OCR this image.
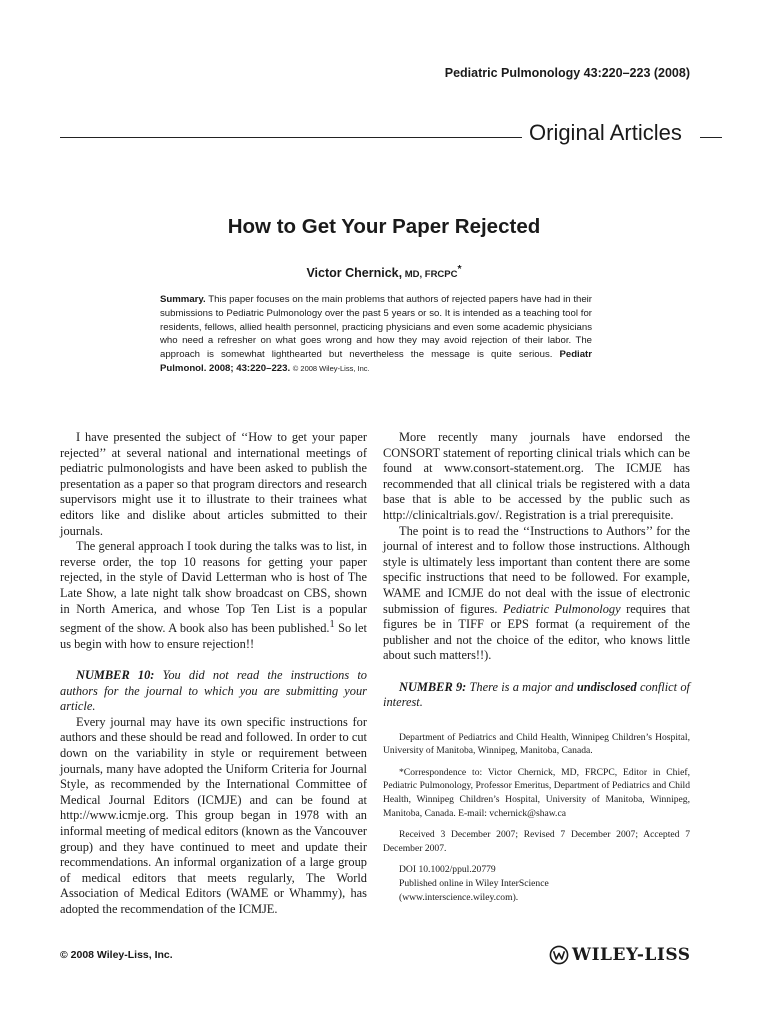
Pediatric Pulmonology 43:220–223 (2008)
Original Articles
How to Get Your Paper Rejected
Victor Chernick, MD, FRCPC*
Summary. This paper focuses on the main problems that authors of rejected papers have had in their submissions to Pediatric Pulmonology over the past 5 years or so. It is intended as a teaching tool for residents, fellows, allied health personnel, practicing physicians and even some academic physicians who need a refresher on what goes wrong and how they may avoid rejection of their labor. The approach is somewhat lighthearted but nevertheless the message is quite serious. Pediatr Pulmonol. 2008; 43:220–223. © 2008 Wiley-Liss, Inc.

I have presented the subject of ‘‘How to get your paper rejected’’ at several national and international meetings of pediatric pulmonologists and have been asked to publish the presentation as a paper so that program directors and research supervisors might use it to illustrate to their trainees what editors like and dislike about articles submitted to their journals.

The general approach I took during the talks was to list, in reverse order, the top 10 reasons for getting your paper rejected, in the style of David Letterman who is host of The Late Show, a late night talk show broadcast on CBS, shown in North America, and whose Top Ten List is a popular segment of the show. A book also has been published.$^1$ So let us begin with how to ensure rejection!!

NUMBER 10: You did not read the instructions to authors for the journal to which you are submitting your article.

Every journal may have its own specific instructions for authors and these should be read and followed. In order to cut down on the variability in style or requirement between journals, many have adopted the Uniform Criteria for Journal Style, as recommended by the International Committee of Medical Journal Editors (ICMJE) and can be found at http://www.icmje.org. This group began in 1978 with an informal meeting of medical editors (known as the Vancouver group) and they have continued to meet and update their recommendations. An informal organization of a large group of medical editors that meets regularly, The World Association of Medical Editors (WAME or Whammy), has adopted the recommendation of the ICMJE.

More recently many journals have endorsed the CONSORT statement of reporting clinical trials which can be found at www.consort-statement.org. The ICMJE has recommended that all clinical trials be registered with a data base that is able to be accessed by the public such as http://clinicaltrials.gov/. Registration is a trial prerequisite.

The point is to read the ‘‘Instructions to Authors’’ for the journal of interest and to follow those instructions. Although style is ultimately less important than content there are some specific instructions that need to be followed. For example, WAME and ICMJE do not deal with the issue of electronic submission of figures. Pediatric Pulmonology requires that figures be in TIFF or EPS format (a requirement of the publisher and not the choice of the editor, who knows little about such matters!!).

NUMBER 9: There is a major and undisclosed conflict of interest.

Department of Pediatrics and Child Health, Winnipeg Children’s Hospital, University of Manitoba, Winnipeg, Manitoba, Canada.

*Correspondence to: Victor Chernick, MD, FRCPC, Editor in Chief, Pediatric Pulmonology, Professor Emeritus, Department of Pediatrics and Child Health, Winnipeg Children’s Hospital, University of Manitoba, Winnipeg, Manitoba, Canada. E-mail: vchernick@shaw.ca

Received 3 December 2007; Revised 7 December 2007; Accepted 7 December 2007.

DOI 10.1002/ppul.20779

Published online in Wiley InterScience

(www.interscience.wiley.com).

© 2008 Wiley-Liss, Inc.	WILEY-LISS
